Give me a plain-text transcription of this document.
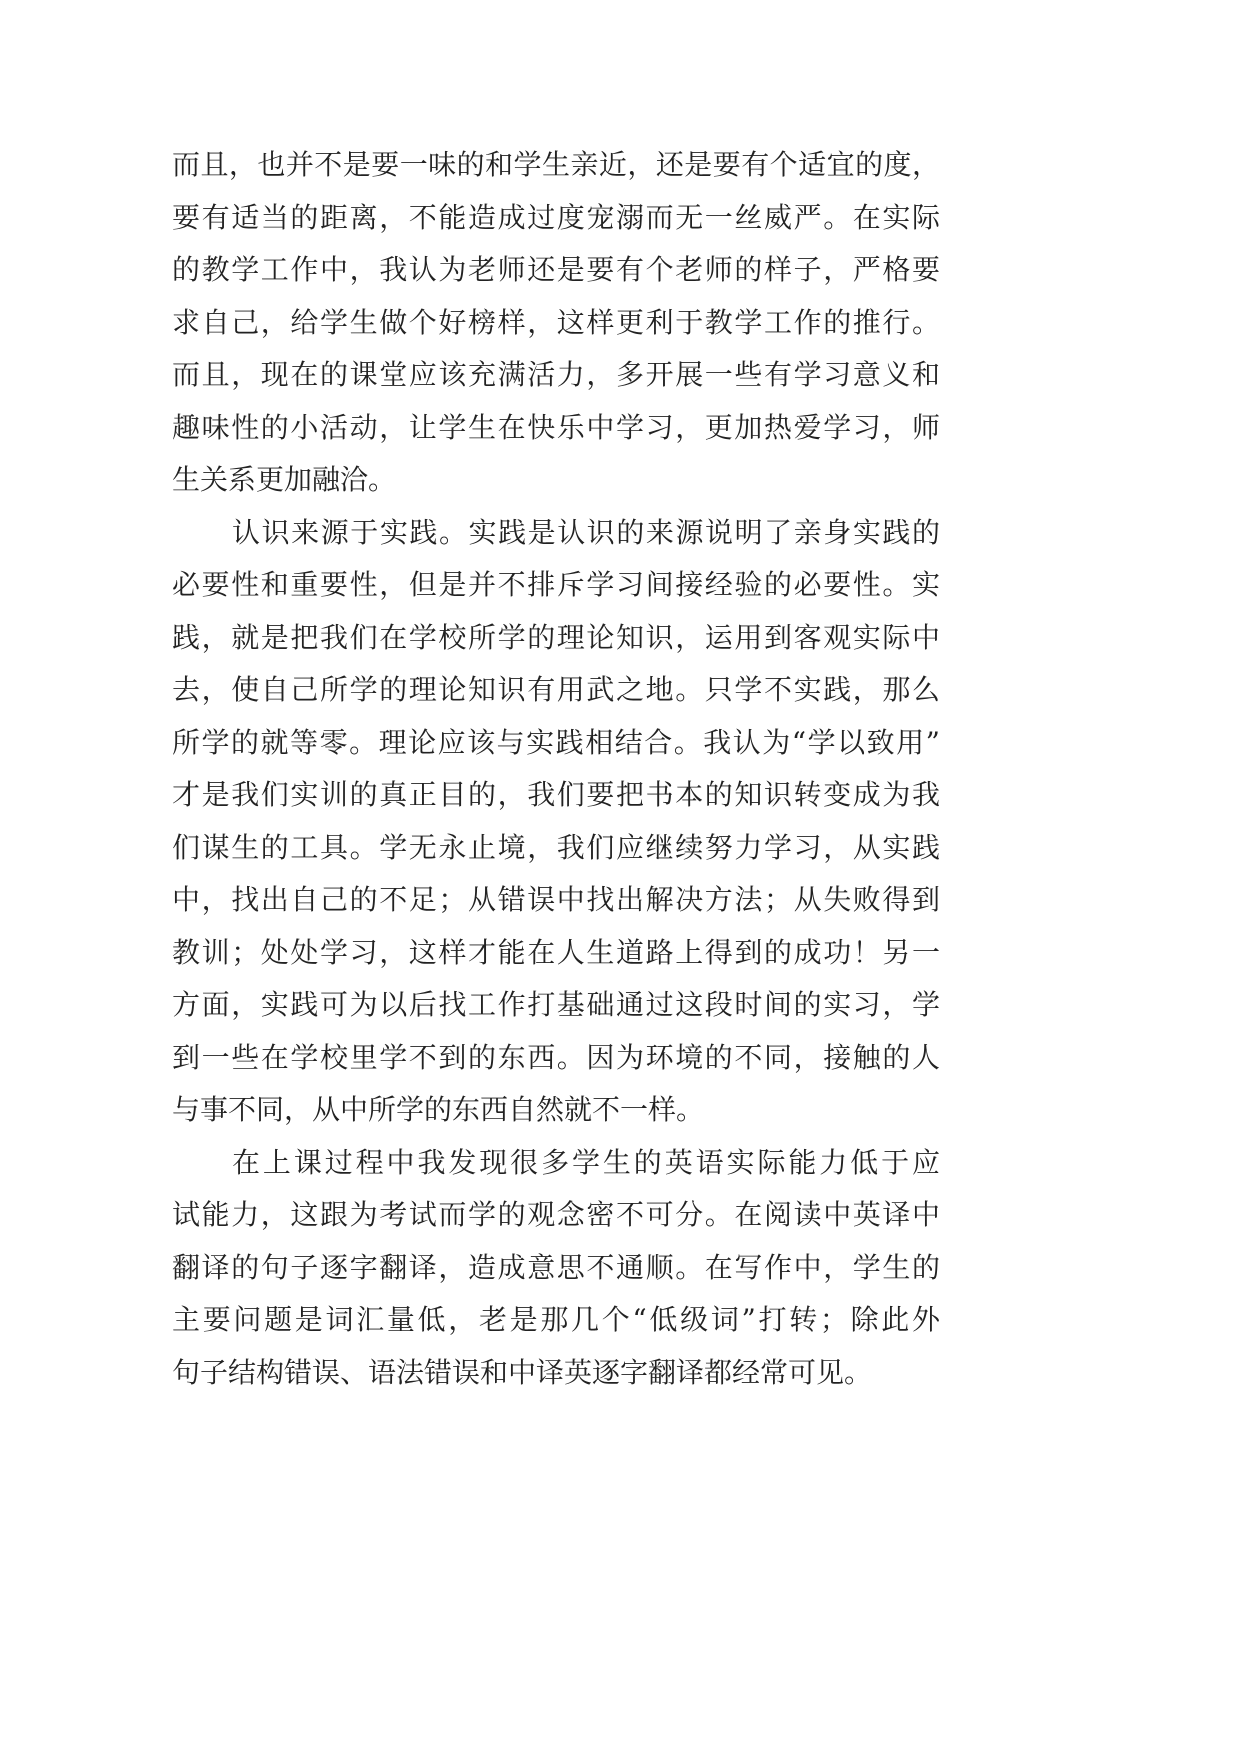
而且，也并不是要一味的和学生亲近，还是要有个适宜的度，
要有适当的距离，不能造成过度宠溺而无一丝威严。在实际
的教学工作中，我认为老师还是要有个老师的样子，严格要
求自己，给学生做个好榜样，这样更利于教学工作的推行。
而且，现在的课堂应该充满活力，多开展一些有学习意义和
趣味性的小活动，让学生在快乐中学习，更加热爱学习，师
生关系更加融洽。
认识来源于实践。实践是认识的来源说明了亲身实践的
必要性和重要性，但是并不排斥学习间接经验的必要性。实
践，就是把我们在学校所学的理论知识，运用到客观实际中
去，使自己所学的理论知识有用武之地。只学不实践，那么
所学的就等零。理论应该与实践相结合。我认为“学以致用”
才是我们实训的真正目的，我们要把书本的知识转变成为我
们谋生的工具。学无永止境，我们应继续努力学习，从实践
中，找出自己的不足；从错误中找出解决方法；从失败得到
教训；处处学习，这样才能在人生道路上得到的成功！另一
方面，实践可为以后找工作打基础通过这段时间的实习，学
到一些在学校里学不到的东西。因为环境的不同，接触的人
与事不同，从中所学的东西自然就不一样。
在上课过程中我发现很多学生的英语实际能力低于应
试能力，这跟为考试而学的观念密不可分。在阅读中英译中
翻译的句子逐字翻译，造成意思不通顺。在写作中，学生的
主要问题是词汇量低，老是那几个“低级词”打转；除此外
句子结构错误、语法错误和中译英逐字翻译都经常可见。
